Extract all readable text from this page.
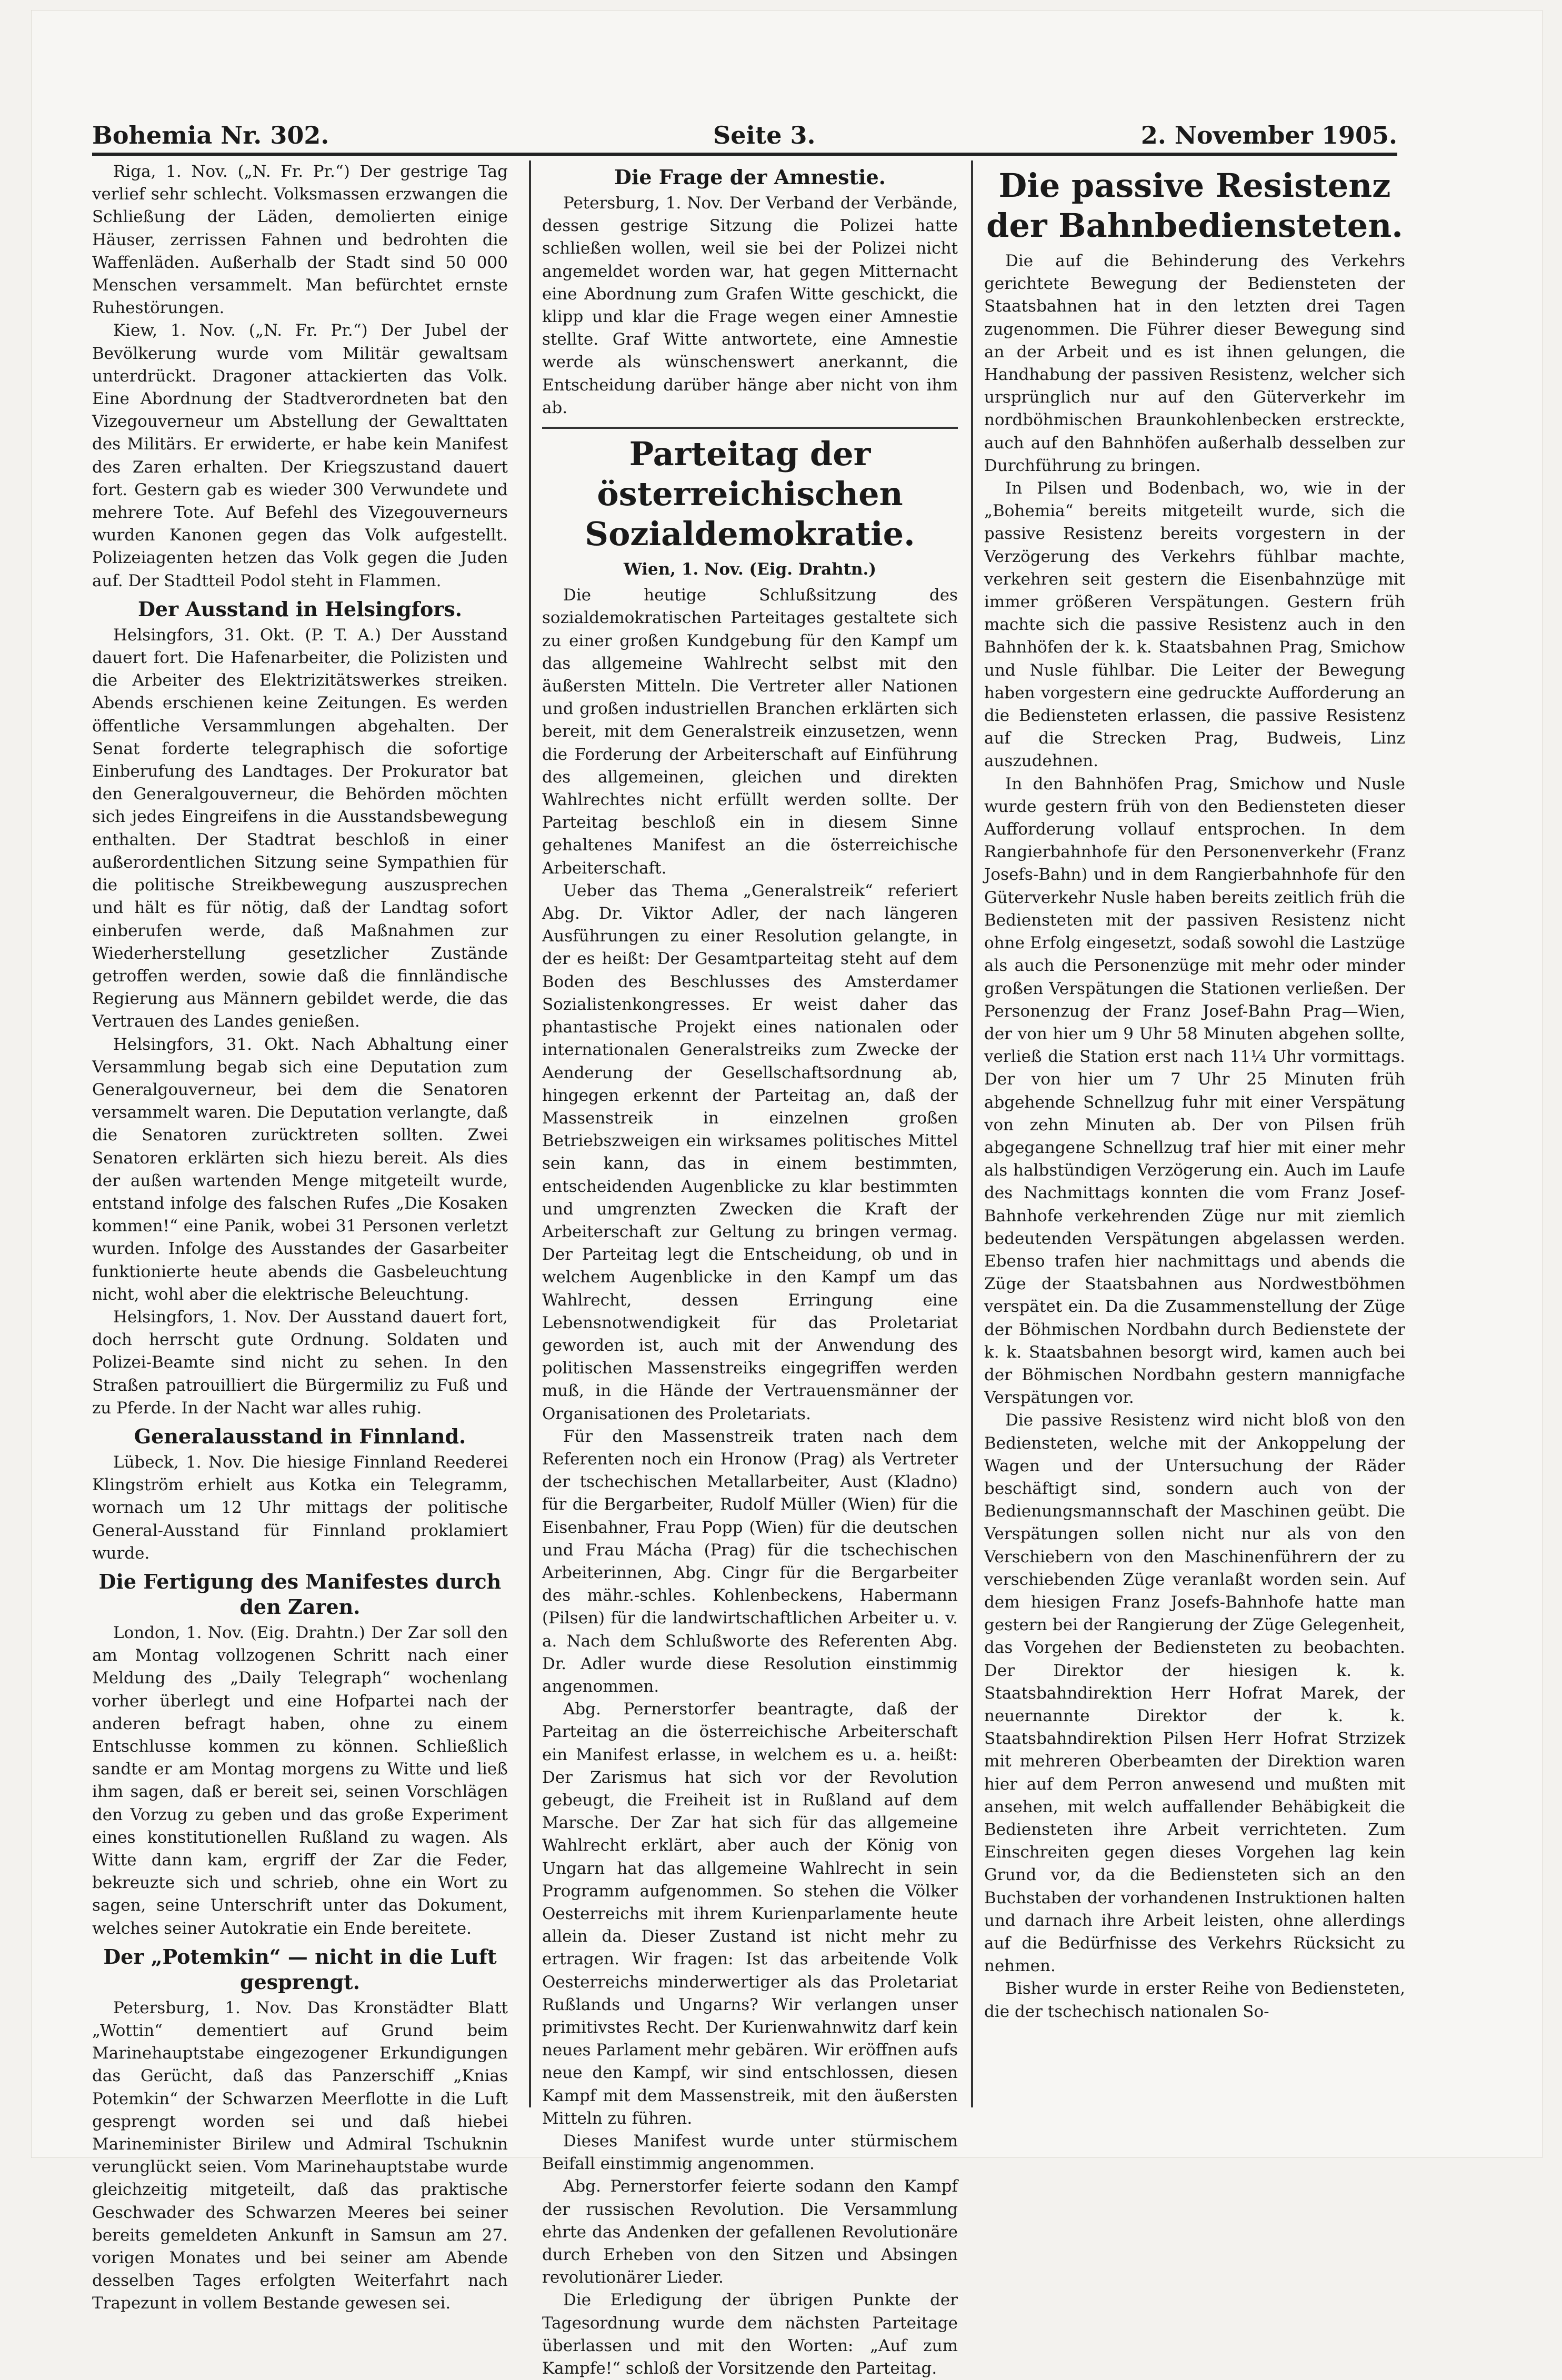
Bohemia Nr. 302.	Seite 3.	2. November 1905.

Riga, 1. Nov. („N. Fr. Pr.“) Der gestrige Tag verlief sehr schlecht. Volksmassen erzwangen die Schließung der Läden, demolierten einige Häuser, zerrissen Fahnen und bedrohten die Waffenläden. Außerhalb der Stadt sind 50 000 Menschen versammelt. Man befürchtet ernste Ruhestörungen.

Kiew, 1. Nov. („N. Fr. Pr.“) Der Jubel der Bevölkerung wurde vom Militär gewaltsam unterdrückt. Dragoner attackierten das Volk. Eine Abordnung der Stadtverordneten bat den Vizegouverneur um Abstellung der Gewalttaten des Militärs. Er erwiderte, er habe kein Manifest des Zaren erhalten. Der Kriegszustand dauert fort. Gestern gab es wieder 300 Verwundete und mehrere Tote. Auf Befehl des Vizegouverneurs wurden Kanonen gegen das Volk aufgestellt. Polizeiagenten hetzen das Volk gegen die Juden auf. Der Stadtteil Podol steht in Flammen.

Der Ausstand in Helsingfors.

Helsingfors, 31. Okt. (P. T. A.) Der Ausstand dauert fort. Die Hafenarbeiter, die Polizisten und die Arbeiter des Elektrizitätswerkes streiken. Abends erschienen keine Zeitungen. Es werden öffentliche Versammlungen abgehalten. Der Senat forderte telegraphisch die sofortige Einberufung des Landtages. Der Prokurator bat den Generalgouverneur, die Behörden möchten sich jedes Eingreifens in die Ausstandsbewegung enthalten. Der Stadtrat beschloß in einer außerordentlichen Sitzung seine Sympathien für die politische Streikbewegung auszusprechen und hält es für nötig, daß der Landtag sofort einberufen werde, daß Maßnahmen zur Wiederherstellung gesetzlicher Zustände getroffen werden, sowie daß die finnländische Regierung aus Männern gebildet werde, die das Vertrauen des Landes genießen.

Helsingfors, 31. Okt. Nach Abhaltung einer Versammlung begab sich eine Deputation zum Generalgouverneur, bei dem die Senatoren versammelt waren. Die Deputation verlangte, daß die Senatoren zurücktreten sollten. Zwei Senatoren erklärten sich hiezu bereit. Als dies der außen wartenden Menge mitgeteilt wurde, entstand infolge des falschen Rufes „Die Kosaken kommen!“ eine Panik, wobei 31 Personen verletzt wurden. Infolge des Ausstandes der Gasarbeiter funktionierte heute abends die Gasbeleuchtung nicht, wohl aber die elektrische Beleuchtung.

Helsingfors, 1. Nov. Der Ausstand dauert fort, doch herrscht gute Ordnung. Soldaten und Polizei-Beamte sind nicht zu sehen. In den Straßen patrouilliert die Bürgermiliz zu Fuß und zu Pferde. In der Nacht war alles ruhig.

Generalausstand in Finnland.

Lübeck, 1. Nov. Die hiesige Finnland Reederei Klingström erhielt aus Kotka ein Telegramm, wornach um 12 Uhr mittags der politische General-Ausstand für Finnland proklamiert wurde.

Die Fertigung des Manifestes durch den Zaren.

London, 1. Nov. (Eig. Drahtn.) Der Zar soll den am Montag vollzogenen Schritt nach einer Meldung des „Daily Telegraph“ wochenlang vorher überlegt und eine Hofpartei nach der anderen befragt haben, ohne zu einem Entschlusse kommen zu können. Schließlich sandte er am Montag morgens zu Witte und ließ ihm sagen, daß er bereit sei, seinen Vorschlägen den Vorzug zu geben und das große Experiment eines konstitutionellen Rußland zu wagen. Als Witte dann kam, ergriff der Zar die Feder, bekreuzte sich und schrieb, ohne ein Wort zu sagen, seine Unterschrift unter das Dokument, welches seiner Autokratie ein Ende bereitete.

Der „Potemkin“ — nicht in die Luft gesprengt.

Petersburg, 1. Nov. Das Kronstädter Blatt „Wottin“ dementiert auf Grund beim Marinehauptstabe eingezogener Erkundigungen das Gerücht, daß das Panzerschiff „Knias Potemkin“ der Schwarzen Meerflotte in die Luft gesprengt worden sei und daß hiebei Marineminister Birilew und Admiral Tschuknin verunglückt seien. Vom Marinehauptstabe wurde gleichzeitig mitgeteilt, daß das praktische Geschwader des Schwarzen Meeres bei seiner bereits gemeldeten Ankunft in Samsun am 27. vorigen Monates und bei seiner am Abende desselben Tages erfolgten Weiterfahrt nach Trapezunt in vollem Bestande gewesen sei.

Die Frage der Amnestie.

Petersburg, 1. Nov. Der Verband der Verbände, dessen gestrige Sitzung die Polizei hatte schließen wollen, weil sie bei der Polizei nicht angemeldet worden war, hat gegen Mitternacht eine Abordnung zum Grafen Witte geschickt, die klipp und klar die Frage wegen einer Amnestie stellte. Graf Witte antwortete, eine Amnestie werde als wünschenswert anerkannt, die Entscheidung darüber hänge aber nicht von ihm ab.

Parteitag der österreichischen Sozialdemokratie.
Wien, 1. Nov. (Eig. Drahtn.)

Die heutige Schlußsitzung des sozialdemokratischen Parteitages gestaltete sich zu einer großen Kundgebung für den Kampf um das allgemeine Wahlrecht selbst mit den äußersten Mitteln. Die Vertreter aller Nationen und großen industriellen Branchen erklärten sich bereit, mit dem Generalstreik einzusetzen, wenn die Forderung der Arbeiterschaft auf Einführung des allgemeinen, gleichen und direkten Wahlrechtes nicht erfüllt werden sollte. Der Parteitag beschloß ein in diesem Sinne gehaltenes Manifest an die österreichische Arbeiterschaft.

Ueber das Thema „Generalstreik“ referiert Abg. Dr. Viktor Adler, der nach längeren Ausführungen zu einer Resolution gelangte, in der es heißt: Der Gesamtparteitag steht auf dem Boden des Beschlusses des Amsterdamer Sozialistenkongresses. Er weist daher das phantastische Projekt eines nationalen oder internationalen Generalstreiks zum Zwecke der Aenderung der Gesellschaftsordnung ab, hingegen erkennt der Parteitag an, daß der Massenstreik in einzelnen großen Betriebszweigen ein wirksames politisches Mittel sein kann, das in einem bestimmten, entscheidenden Augenblicke zu klar bestimmten und umgrenzten Zwecken die Kraft der Arbeiterschaft zur Geltung zu bringen vermag. Der Parteitag legt die Entscheidung, ob und in welchem Augenblicke in den Kampf um das Wahlrecht, dessen Erringung eine Lebensnotwendigkeit für das Proletariat geworden ist, auch mit der Anwendung des politischen Massenstreiks eingegriffen werden muß, in die Hände der Vertrauensmänner der Organisationen des Proletariats.

Für den Massenstreik traten nach dem Referenten noch ein Hronow (Prag) als Vertreter der tschechischen Metallarbeiter, Aust (Kladno) für die Bergarbeiter, Rudolf Müller (Wien) für die Eisenbahner, Frau Popp (Wien) für die deutschen und Frau Mácha (Prag) für die tschechischen Arbeiterinnen, Abg. Cingr für die Bergarbeiter des mähr.-schles. Kohlenbeckens, Habermann (Pilsen) für die landwirtschaftlichen Arbeiter u. v. a. Nach dem Schlußworte des Referenten Abg. Dr. Adler wurde diese Resolution einstimmig angenommen.

Abg. Pernerstorfer beantragte, daß der Parteitag an die österreichische Arbeiterschaft ein Manifest erlasse, in welchem es u. a. heißt: Der Zarismus hat sich vor der Revolution gebeugt, die Freiheit ist in Rußland auf dem Marsche. Der Zar hat sich für das allgemeine Wahlrecht erklärt, aber auch der König von Ungarn hat das allgemeine Wahlrecht in sein Programm aufgenommen. So stehen die Völker Oesterreichs mit ihrem Kurienparlamente heute allein da. Dieser Zustand ist nicht mehr zu ertragen. Wir fragen: Ist das arbeitende Volk Oesterreichs minderwertiger als das Proletariat Rußlands und Ungarns? Wir verlangen unser primitivstes Recht. Der Kurienwahnwitz darf kein neues Parlament mehr gebären. Wir eröffnen aufs neue den Kampf, wir sind entschlossen, diesen Kampf mit dem Massenstreik, mit den äußersten Mitteln zu führen.

Dieses Manifest wurde unter stürmischem Beifall einstimmig angenommen.

Abg. Pernerstorfer feierte sodann den Kampf der russischen Revolution. Die Versammlung ehrte das Andenken der gefallenen Revolutionäre durch Erheben von den Sitzen und Absingen revolutionärer Lieder.

Die Erledigung der übrigen Punkte der Tagesordnung wurde dem nächsten Parteitage überlassen und mit den Worten: „Auf zum Kampfe!“ schloß der Vorsitzende den Parteitag.

Die passive Resistenz der Bahnbediensteten.

Die auf die Behinderung des Verkehrs gerichtete Bewegung der Bediensteten der Staatsbahnen hat in den letzten drei Tagen zugenommen. Die Führer dieser Bewegung sind an der Arbeit und es ist ihnen gelungen, die Handhabung der passiven Resistenz, welcher sich ursprünglich nur auf den Güterverkehr im nordböhmischen Braunkohlenbecken erstreckte, auch auf den Bahnhöfen außerhalb desselben zur Durchführung zu bringen.

In Pilsen und Bodenbach, wo, wie in der „Bohemia“ bereits mitgeteilt wurde, sich die passive Resistenz bereits vorgestern in der Verzögerung des Verkehrs fühlbar machte, verkehren seit gestern die Eisenbahnzüge mit immer größeren Verspätungen. Gestern früh machte sich die passive Resistenz auch in den Bahnhöfen der k. k. Staatsbahnen Prag, Smichow und Nusle fühlbar. Die Leiter der Bewegung haben vorgestern eine gedruckte Aufforderung an die Bediensteten erlassen, die passive Resistenz auf die Strecken Prag, Budweis, Linz auszudehnen.

In den Bahnhöfen Prag, Smichow und Nusle wurde gestern früh von den Bediensteten dieser Aufforderung vollauf entsprochen. In dem Rangierbahnhofe für den Personenverkehr (Franz Josefs-Bahn) und in dem Rangierbahnhofe für den Güterverkehr Nusle haben bereits zeitlich früh die Bediensteten mit der passiven Resistenz nicht ohne Erfolg eingesetzt, sodaß sowohl die Lastzüge als auch die Personenzüge mit mehr oder minder großen Verspätungen die Stationen verließen. Der Personenzug der Franz Josef-Bahn Prag—Wien, der von hier um 9 Uhr 58 Minuten abgehen sollte, verließ die Station erst nach 11¼ Uhr vormittags. Der von hier um 7 Uhr 25 Minuten früh abgehende Schnellzug fuhr mit einer Verspätung von zehn Minuten ab. Der von Pilsen früh abgegangene Schnellzug traf hier mit einer mehr als halbstündigen Verzögerung ein. Auch im Laufe des Nachmittags konnten die vom Franz Josef-Bahnhofe verkehrenden Züge nur mit ziemlich bedeutenden Verspätungen abgelassen werden. Ebenso trafen hier nachmittags und abends die Züge der Staatsbahnen aus Nordwestböhmen verspätet ein. Da die Zusammenstellung der Züge der Böhmischen Nordbahn durch Bedienstete der k. k. Staatsbahnen besorgt wird, kamen auch bei der Böhmischen Nordbahn gestern mannigfache Verspätungen vor.

Die passive Resistenz wird nicht bloß von den Bediensteten, welche mit der Ankoppelung der Wagen und der Untersuchung der Räder beschäftigt sind, sondern auch von der Bedienungsmannschaft der Maschinen geübt. Die Verspätungen sollen nicht nur als von den Verschiebern von den Maschinenführern der zu verschiebenden Züge veranlaßt worden sein. Auf dem hiesigen Franz Josefs-Bahnhofe hatte man gestern bei der Rangierung der Züge Gelegenheit, das Vorgehen der Bediensteten zu beobachten. Der Direktor der hiesigen k. k. Staatsbahndirektion Herr Hofrat Marek, der neuernannte Direktor der k. k. Staatsbahndirektion Pilsen Herr Hofrat Strzizek mit mehreren Oberbeamten der Direktion waren hier auf dem Perron anwesend und mußten mit ansehen, mit welch auffallender Behäbigkeit die Bediensteten ihre Arbeit verrichteten. Zum Einschreiten gegen dieses Vorgehen lag kein Grund vor, da die Bediensteten sich an den Buchstaben der vorhandenen Instruktionen halten und darnach ihre Arbeit leisten, ohne allerdings auf die Bedürfnisse des Verkehrs Rücksicht zu nehmen.

Bisher wurde in erster Reihe von Bediensteten, die der tschechisch nationalen So-
